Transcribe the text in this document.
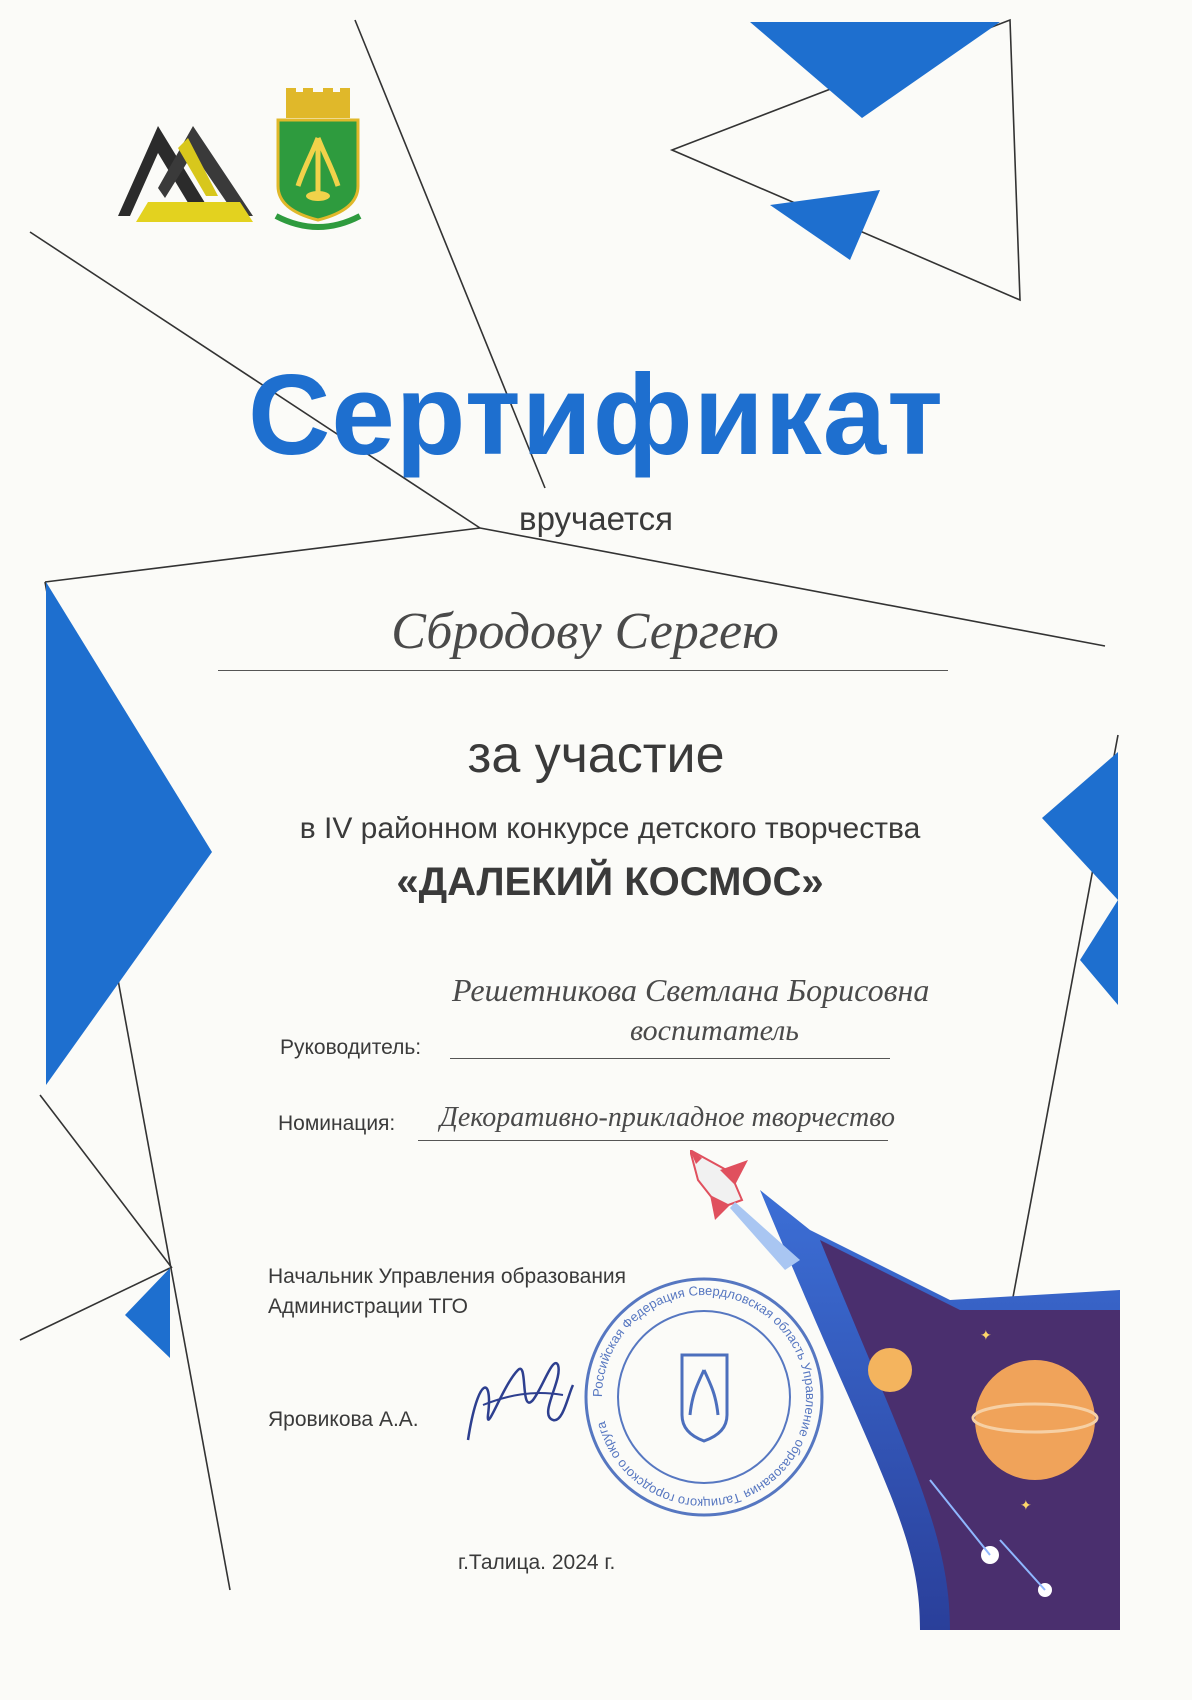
Сертификат
вручается
Сбродову Сергею
за участие
в IV районном конкурсе детского творчества
«ДАЛЕКИЙ КОСМОС»
Решетникова Светлана Борисовна
воспитатель
Руководитель:
Номинация: Декоративно-прикладное творчество
✦
✦
Начальник Управления образования
Администрации ТГО
Яровикова А.А.
Российская Федерация Свердловская область Управление образования Талицкого городского округа
г.Талица. 2024 г.
